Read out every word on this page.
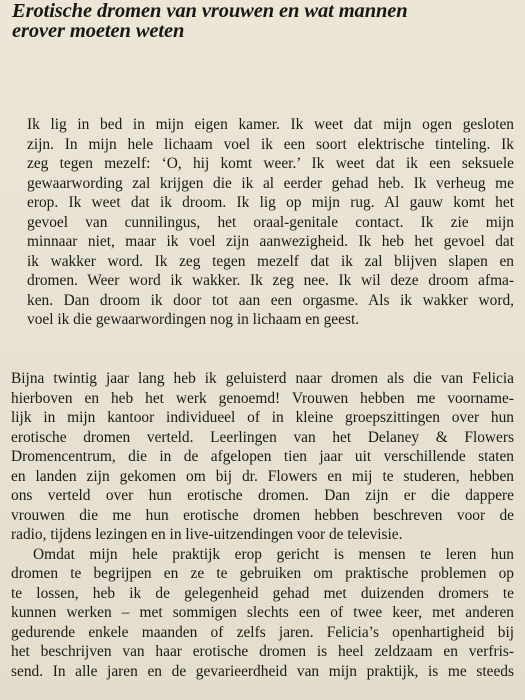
Erotische dromen van vrouwen en wat mannen
erover moeten weten
Ik lig in bed in mijn eigen kamer. Ik weet dat mijn ogen gesloten
zijn. In mijn hele lichaam voel ik een soort elektrische tinteling. Ik
zeg tegen mezelf: ‘O, hij komt weer.’ Ik weet dat ik een seksuele
gewaarwording zal krijgen die ik al eerder gehad heb. Ik verheug me
erop. Ik weet dat ik droom. Ik lig op mijn rug. Al gauw komt het
gevoel van cunnilingus, het oraal-genitale contact. Ik zie mijn
minnaar niet, maar ik voel zijn aanwezigheid. Ik heb het gevoel dat
ik wakker word. Ik zeg tegen mezelf dat ik zal blijven slapen en
dromen. Weer word ik wakker. Ik zeg nee. Ik wil deze droom afma-
ken. Dan droom ik door tot aan een orgasme. Als ik wakker word,
voel ik die gewaarwordingen nog in lichaam en geest.
Bijna twintig jaar lang heb ik geluisterd naar dromen als die van Felicia
hierboven en heb het werk genoemd! Vrouwen hebben me voorname-
lijk in mijn kantoor individueel of in kleine groepszittingen over hun
erotische dromen verteld. Leerlingen van het Delaney & Flowers
Dromencentrum, die in de afgelopen tien jaar uit verschillende staten
en landen zijn gekomen om bij dr. Flowers en mij te studeren, hebben
ons verteld over hun erotische dromen. Dan zijn er die dappere
vrouwen die me hun erotische dromen hebben beschreven voor de
radio, tijdens lezingen en in live-uitzendingen voor de televisie.
Omdat mijn hele praktijk erop gericht is mensen te leren hun
dromen te begrijpen en ze te gebruiken om praktische problemen op
te lossen, heb ik de gelegenheid gehad met duizenden dromers te
kunnen werken – met sommigen slechts een of twee keer, met anderen
gedurende enkele maanden of zelfs jaren. Felicia’s openhartigheid bij
het beschrijven van haar erotische dromen is heel zeldzaam en verfris-
send. In alle jaren en de gevarieerdheid van mijn praktijk, is me steeds
